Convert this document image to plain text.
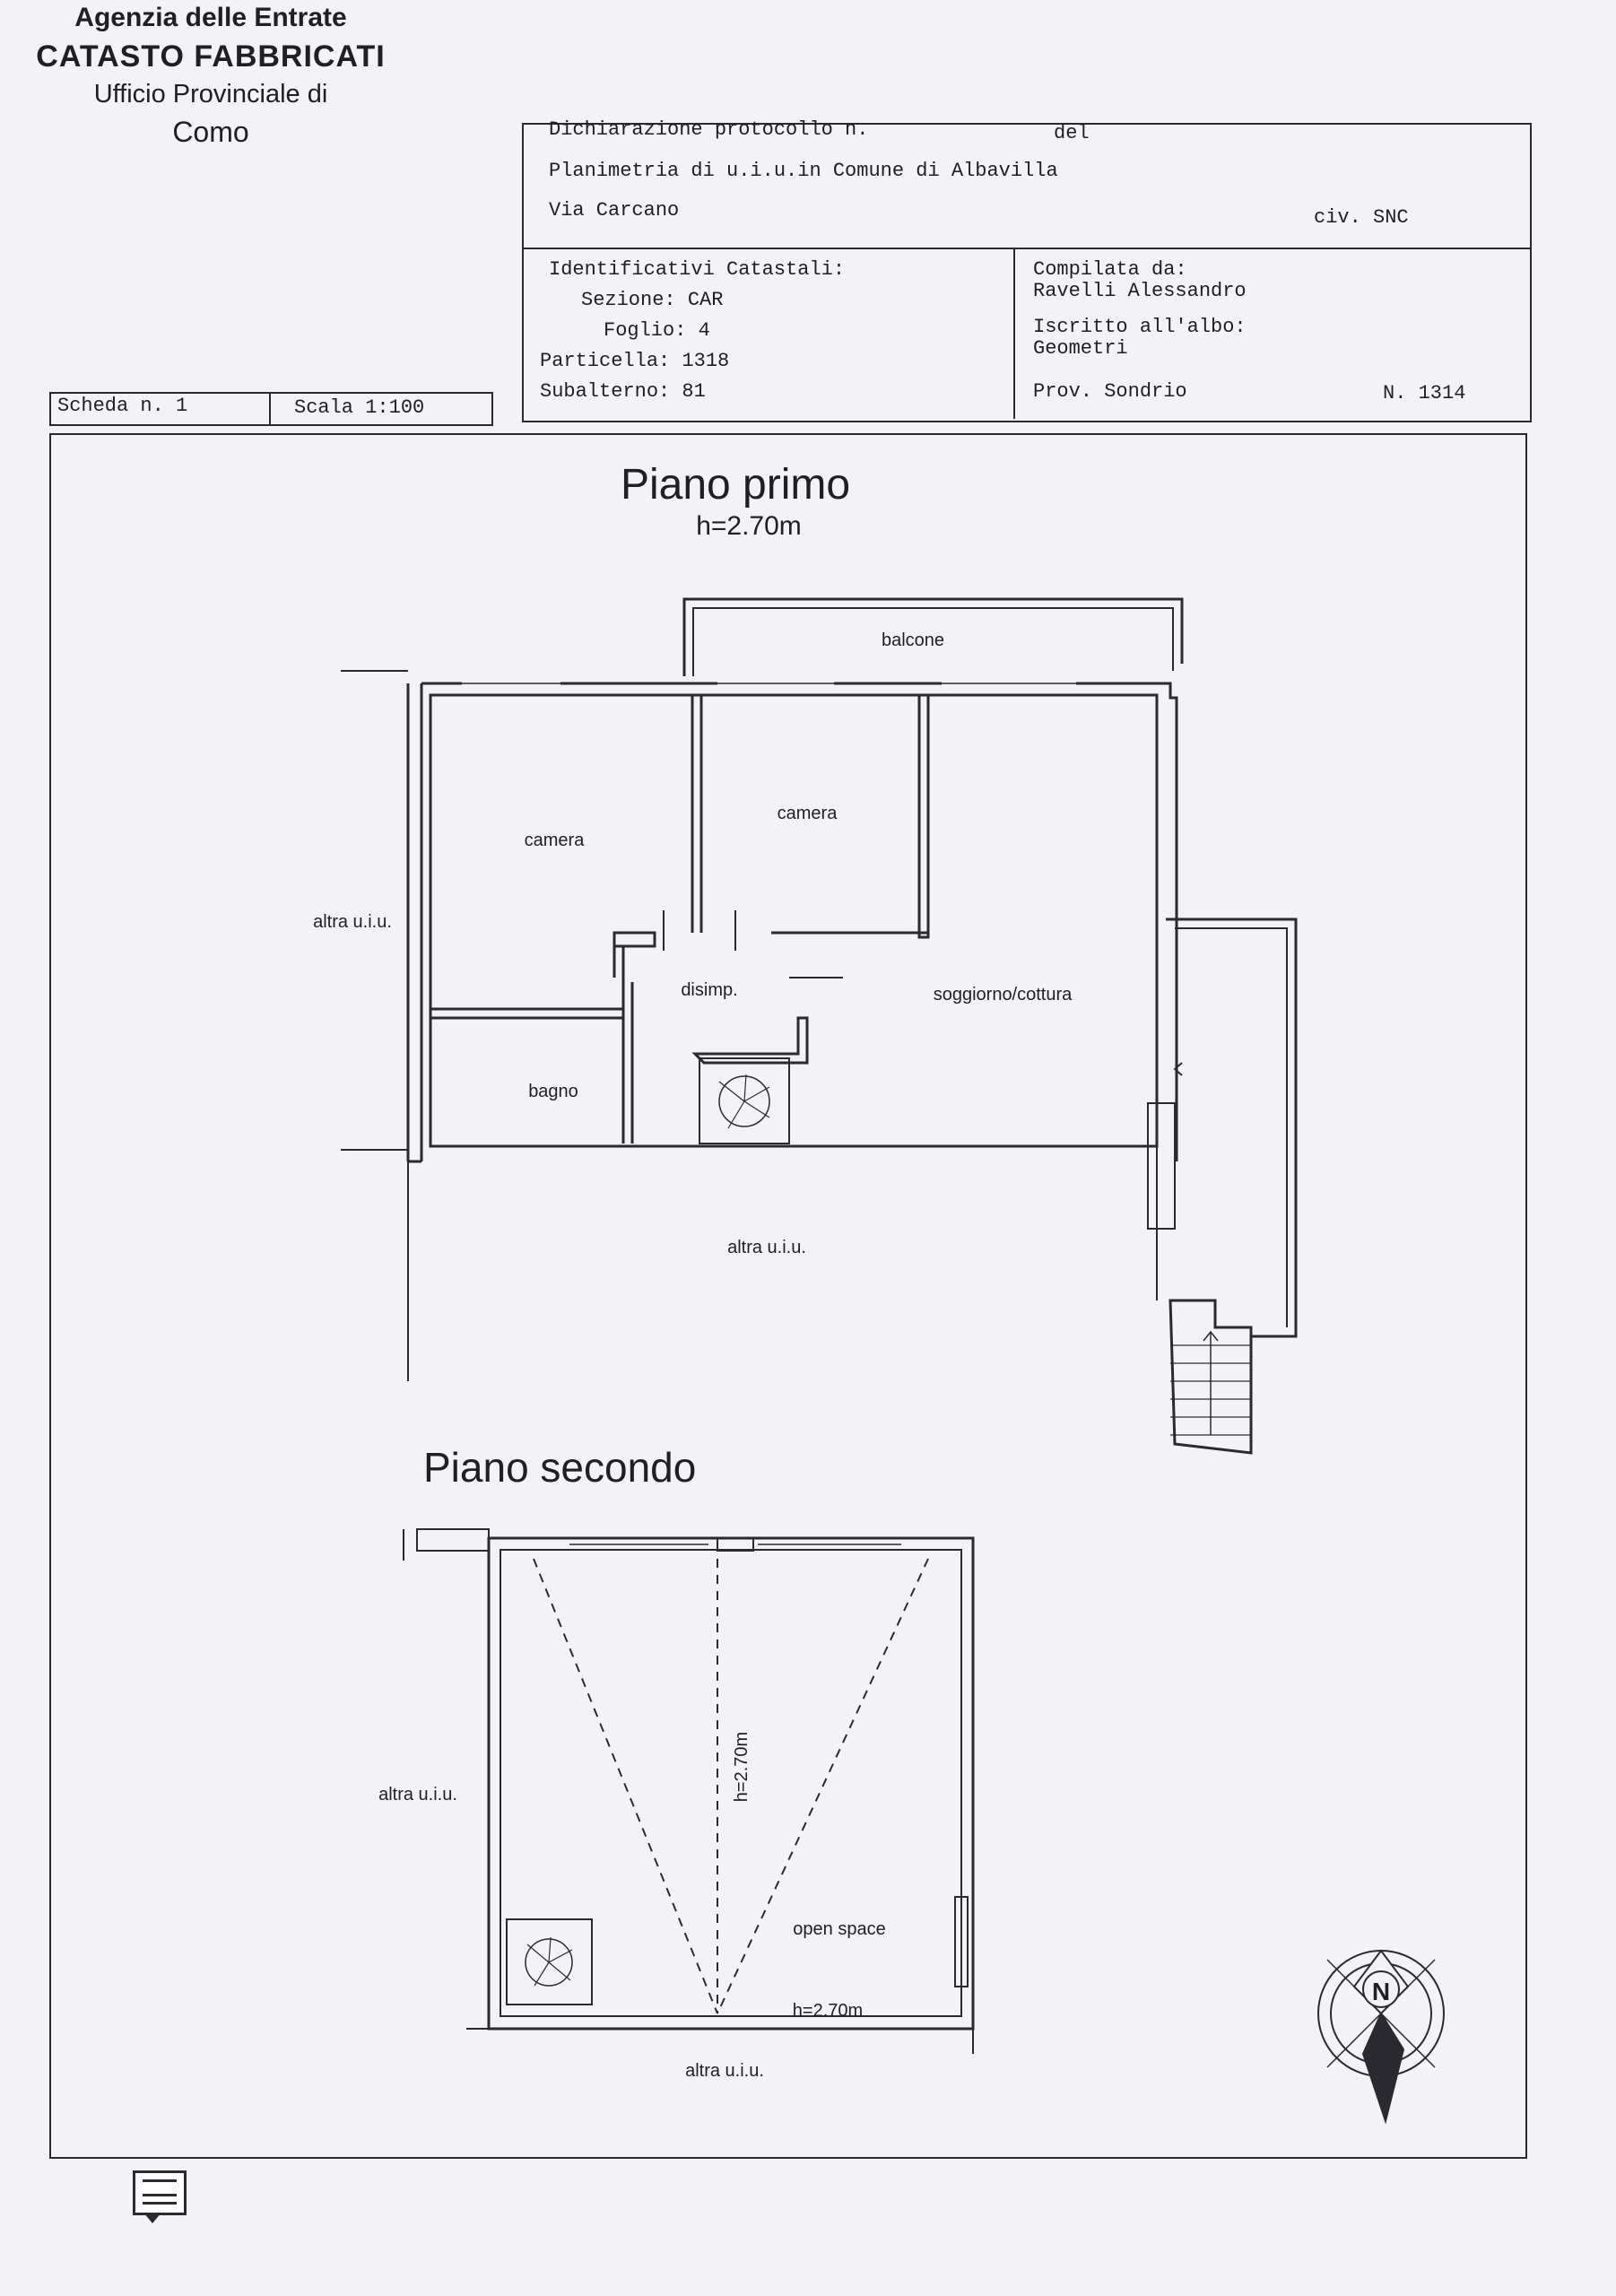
Agenzia delle Entrate
CATASTO FABBRICATI
Ufficio Provinciale di
Como	Dichiarazione protocollo n.	del
Planimetria di u.i.u.in Comune di Albavilla
Via Carcano	civ. SNC
Identificativi Catastali:
Sezione: CAR
Foglio: 4
Particella: 1318
Subalterno: 81
Compilata da:
Ravelli Alessandro
Iscritto all'albo:
Geometri
Prov. Sondrio	N. 1314
Scheda n. 1	Scala 1:100
Piano primo
h=2.70m
balcone
camera
camera
altra u.i.u.
disimp.	soggiorno/cottura
bagno
altra u.i.u.
Piano secondo
h=2.70m
altra u.i.u.
open space
h=2.70m
altra u.i.u.
N
